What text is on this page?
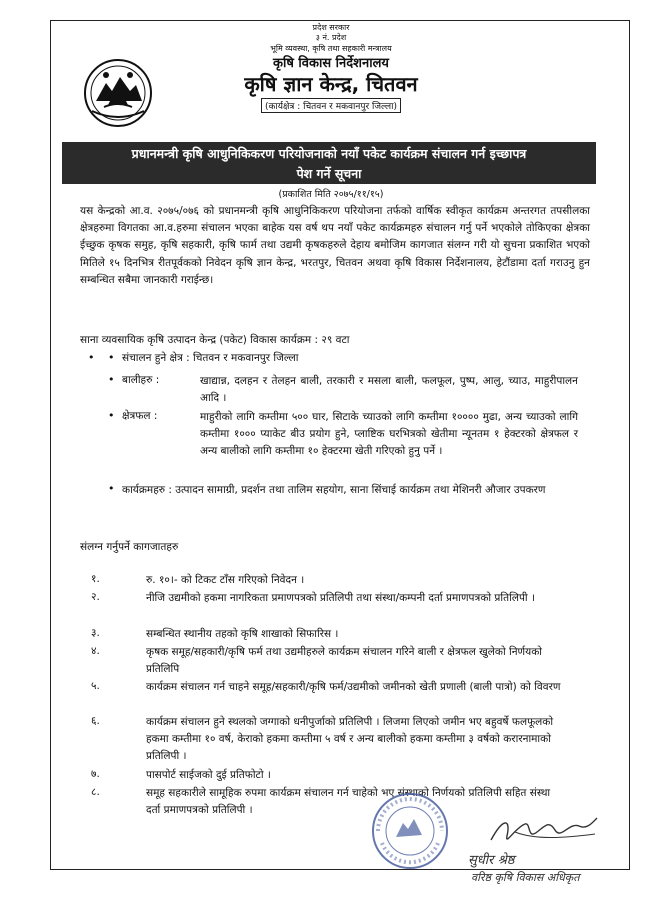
प्रदेश सरकार
३ नं. प्रदेश
भूमि व्यवस्था, कृषि तथा सहकारी मन्त्रालय
कृषि विकास निर्देशनालय
कृषि ज्ञान केन्द्र, चितवन
(कार्यक्षेत्र : चितवन र मकवानपुर जिल्ला)
प्रधानमन्त्री कृषि आधुनिकिकरण परियोजनाको नयाँ पकेट कार्यक्रम संचालन गर्न इच्छापत्र
पेश गर्ने सूचना
(प्रकाशित मिति २०७५/११/१५)
यस केन्द्रको आ.व. २०७५/०७६ को प्रधानमन्त्री कृषि आधुनिकिकरण परियोजना तर्फको वार्षिक स्वीकृत कार्यक्रम अन्तरगत तपसीलका क्षेत्रहरुमा विगतका आ.व.हरुमा संचालन भएका बाहेक यस वर्ष थप नयाँ पकेट कार्यक्रमहरु संचालन गर्नु पर्ने भएकोले तोकिएका क्षेत्रका ईच्छुक कृषक समुह, कृषि सहकारी, कृषि फार्म तथा उद्यमी कृषकहरुले देहाय बमोजिम कागजात संलग्न गरी यो सुचना प्रकाशित भएको मितिले १५ दिनभित्र रीतपूर्वकको निवेदन कृषि ज्ञान केन्द्र, भरतपुर, चितवन अथवा कृषि विकास निर्देशनालय, हेटौंडामा दर्ता गराउनु हुन सम्बन्धित सबैमा जानकारी गराईन्छ।
साना व्यवसायिक कृषि उत्पादन केन्द्र (पकेट) विकास कार्यक्रम : २९ वटा
• • संचालन हुने क्षेत्र : चितवन र मकवानपुर जिल्ला
• बालीहरु :	खाद्यान्न, दलहन र तेलहन बाली, तरकारी र मसला बाली, फलफूल, पुष्प, आलु, च्याउ, माहुरीपालन आदि ।
• क्षेत्रफल :	माहुरीको लागि कम्तीमा ५०० घार, सिटाके च्याउको लागि कम्तीमा १०००० मुढा, अन्य च्याउको लागि कम्तीमा १००० प्याकेट बीउ प्रयोग हुने, प्लाष्टिक घरभित्रको खेतीमा न्यूनतम १ हेक्टरको क्षेत्रफल र अन्य बालीको लागि कम्तीमा १० हेक्टरमा खेती गरिएको हुनु पर्ने ।
• कार्यक्रमहरु : उत्पादन सामाग्री, प्रदर्शन तथा तालिम सहयोग, साना सिंचाई कार्यक्रम तथा मेशिनरी औजार उपकरण
संलग्न गर्नुपर्ने कागजातहरु
१.	रु. १०।- को टिकट टाँस गरिएको निवेदन ।
२.	नीजि उद्यमीको हकमा नागरिकता प्रमाणपत्रको प्रतिलिपी तथा संस्था/कम्पनी दर्ता प्रमाणपत्रको प्रतिलिपी ।
३.	सम्बन्धित स्थानीय तहको कृषि शाखाको सिफारिस ।
४.	कृषक समूह/सहकारी/कृषि फर्म तथा उद्यमीहरुले कार्यक्रम संचालन गरिने बाली र क्षेत्रफल खुलेको निर्णयको प्रतिलिपि
५.	कार्यक्रम संचालन गर्न चाहने समूह/सहकारी/कृषि फर्म/उद्यमीको जमीनको खेती प्रणाली (बाली पात्रो) को विवरण
६.	कार्यक्रम संचालन हुने स्थलको जग्गाको धनीपुर्जाको प्रतिलिपी । लिजमा लिएको जमीन भए बहुवर्षे फलफूलको हकमा कम्तीमा १० वर्ष, केराको हकमा कम्तीमा ५ वर्ष र अन्य बालीको हकमा कम्तीमा ३ वर्षको करारनामाको प्रतिलिपी ।
७.	पासपोर्ट साईजको दुई प्रतिफोटो ।
८.	समूह सहकारीले सामूहिक रुपमा कार्यक्रम संचालन गर्न चाहेको भए संस्थाको निर्णयको प्रतिलिपी सहित संस्था दर्ता प्रमाणपत्रको प्रतिलिपी ।
सुधीर श्रेष्ठ
वरिष्ठ कृषि विकास अधिकृत
